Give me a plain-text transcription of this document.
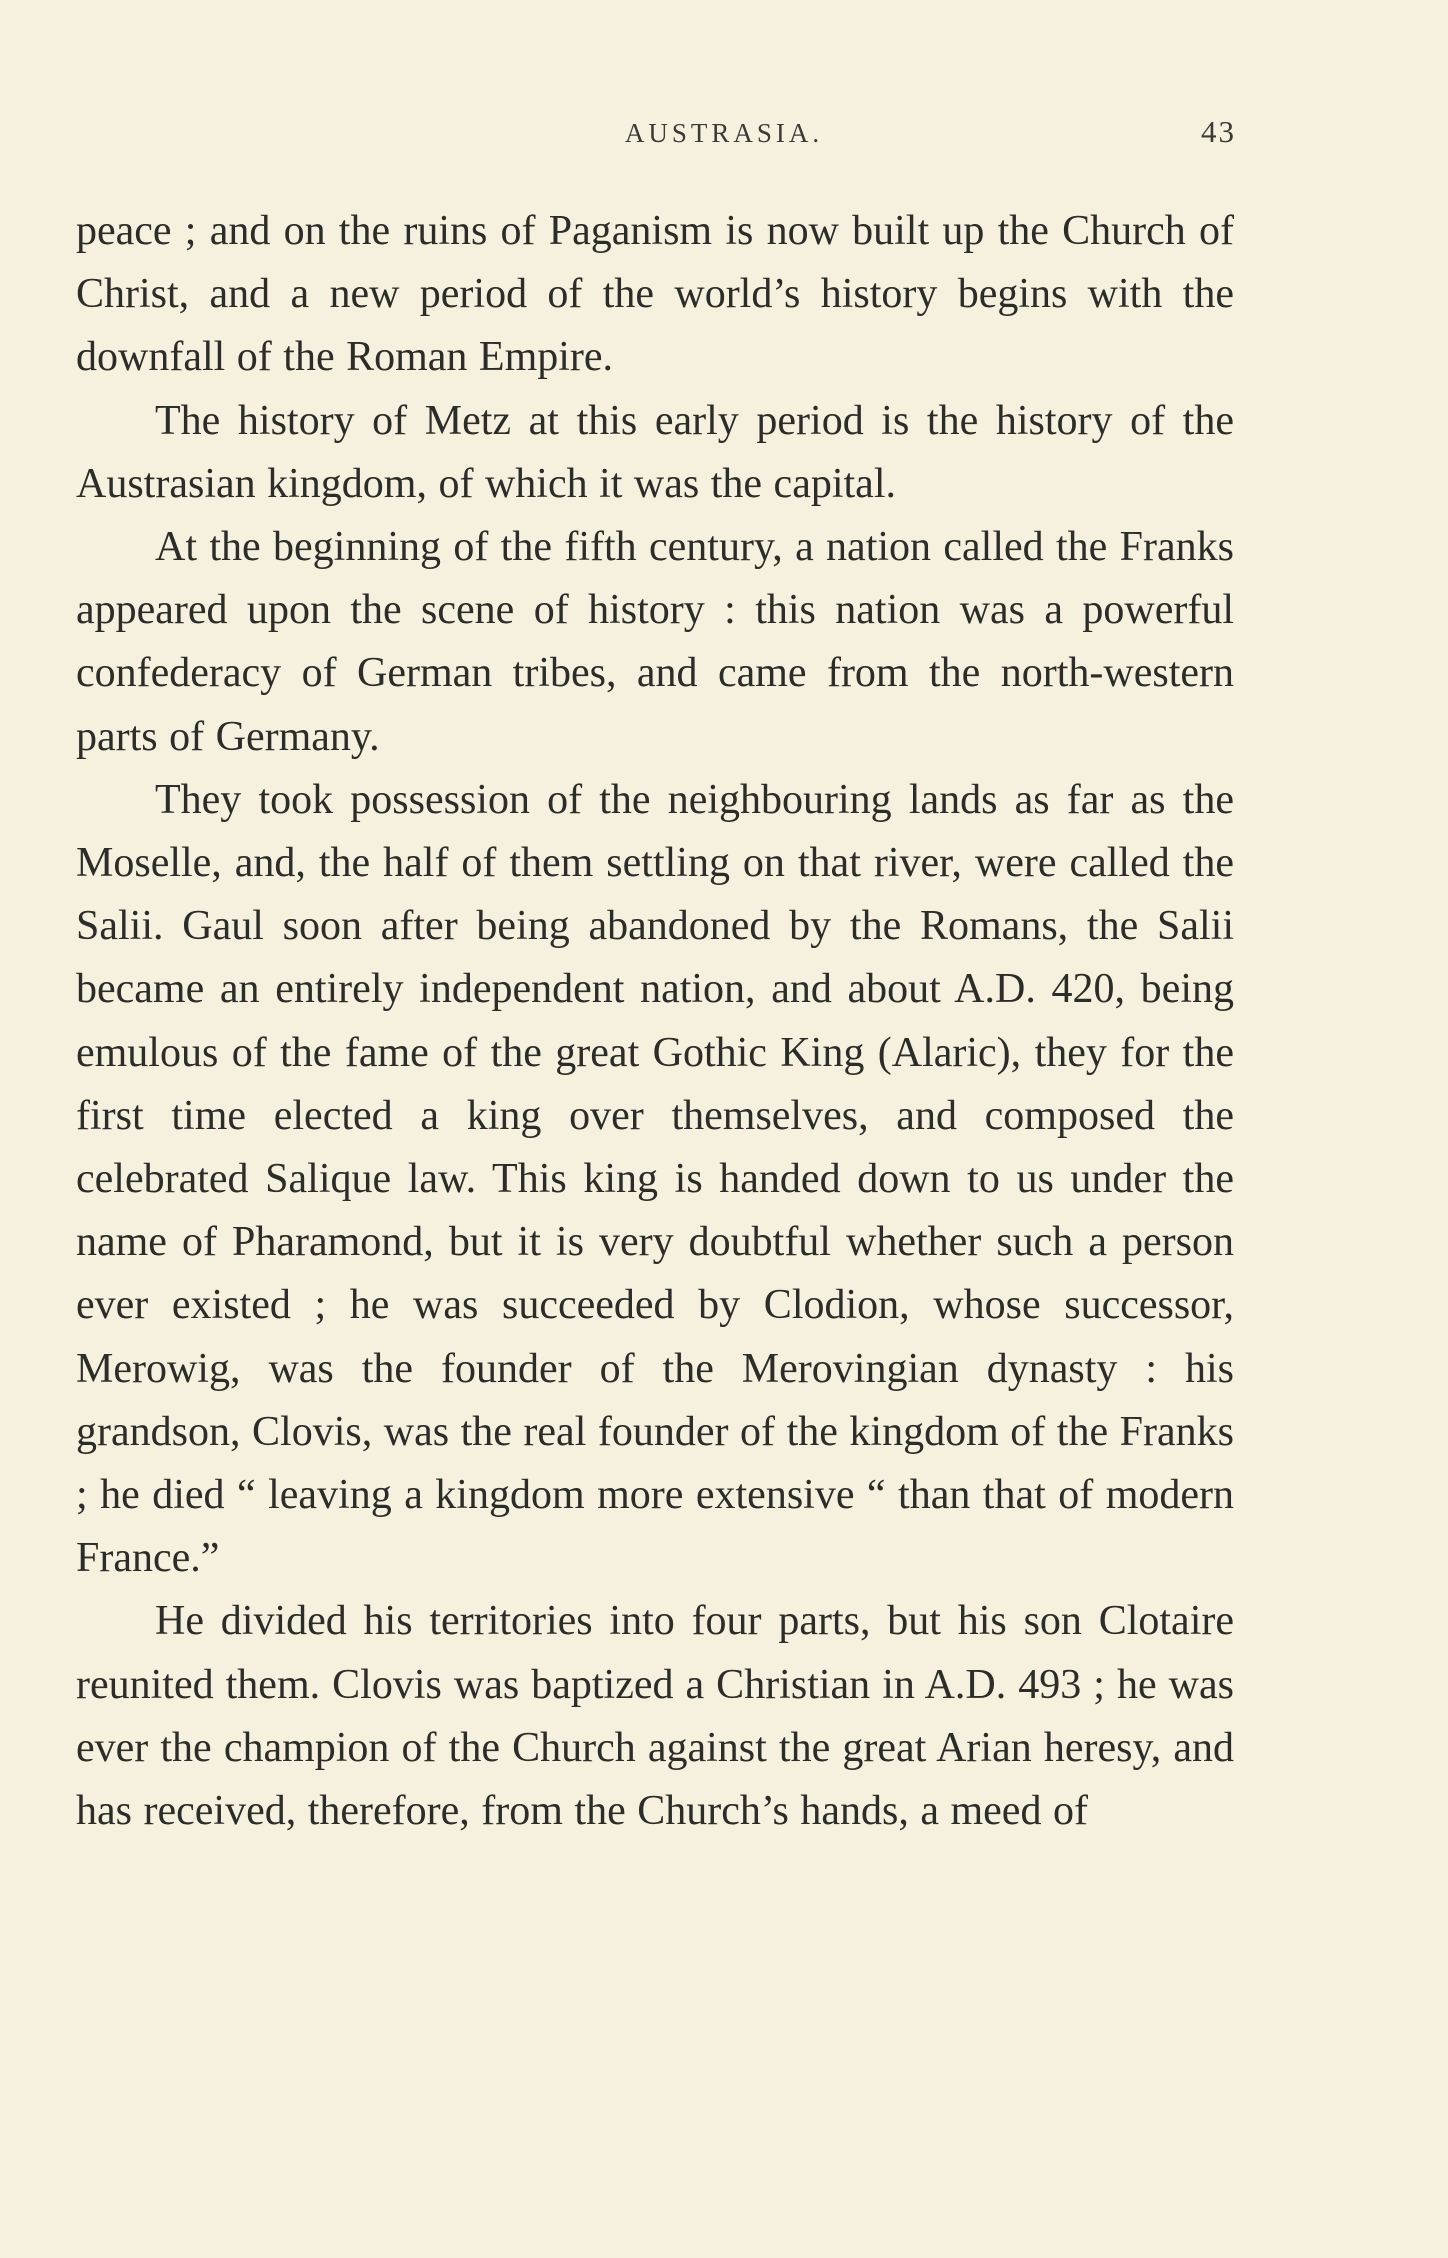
AUSTRASIA.	43

peace ; and on the ruins of Paganism is now built up the Church of Christ, and a new period of the world’s history begins with the downfall of the Roman Empire.

The history of Metz at this early period is the history of the Austrasian kingdom, of which it was the capital.

At the beginning of the fifth century, a nation called the Franks appeared upon the scene of history : this nation was a powerful confederacy of German tribes, and came from the north-western parts of Germany.

They took possession of the neighbouring lands as far as the Moselle, and, the half of them settling on that river, were called the Salii. Gaul soon after being abandoned by the Romans, the Salii became an entirely independent nation, and about A.D. 420, being emulous of the fame of the great Gothic King (Alaric), they for the first time elected a king over themselves, and composed the celebrated Salique law. This king is handed down to us under the name of Pharamond, but it is very doubtful whether such a person ever existed ; he was succeeded by Clodion, whose successor, Merowig, was the founder of the Merovingian dynasty : his grandson, Clovis, was the real founder of the kingdom of the Franks ; he died “ leaving a kingdom more extensive “ than that of modern France.”

He divided his territories into four parts, but his son Clotaire reunited them. Clovis was baptized a Christian in A.D. 493 ; he was ever the champion of the Church against the great Arian heresy, and has received, therefore, from the Church’s hands, a meed of
